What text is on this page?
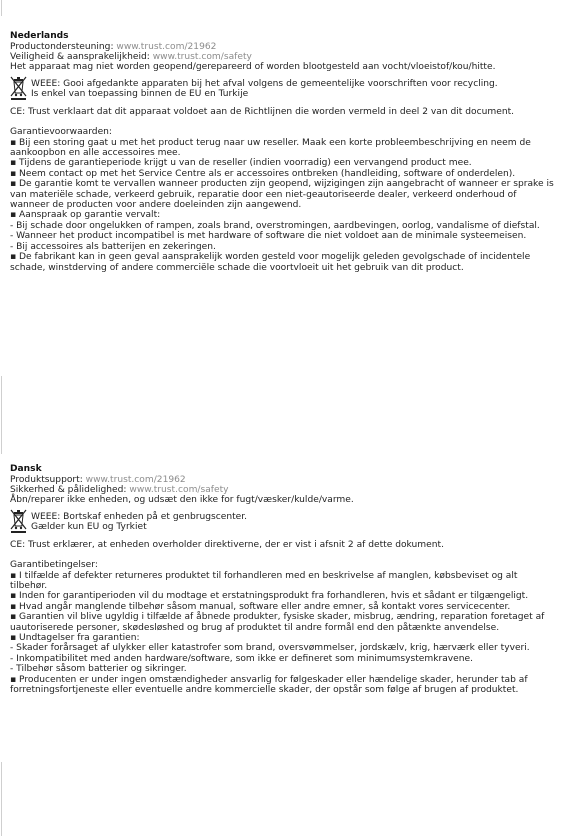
Nederlands
Productondersteuning: www.trust.com/21962
Veiligheid & aansprakelijkheid: www.trust.com/safety
Het apparaat mag niet worden geopend/gerepareerd of worden blootgesteld aan vocht/vloeistof/kou/hitte.
WEEE: Gooi afgedankte apparaten bij het afval volgens de gemeentelijke voorschriften voor recycling.
Is enkel van toepassing binnen de EU en Turkije
CE: Trust verklaart dat dit apparaat voldoet aan de Richtlijnen die worden vermeld in deel 2 van dit document.
Garantievoorwaarden:
▪ Bij een storing gaat u met het product terug naar uw reseller. Maak een korte probleembeschrijving en neem de aankoopbon en alle accessoires mee.
▪ Tijdens de garantieperiode krijgt u van de reseller (indien voorradig) een vervangend product mee.
▪ Neem contact op met het Service Centre als er accessoires ontbreken (handleiding, software of onderdelen).
▪ De garantie komt te vervallen wanneer producten zijn geopend, wijzigingen zijn aangebracht of wanneer er sprake is van materiële schade, verkeerd gebruik, reparatie door een niet-geautoriseerde dealer, verkeerd onderhoud of wanneer de producten voor andere doeleinden zijn aangewend.
▪ Aanspraak op garantie vervalt:
- Bij schade door ongelukken of rampen, zoals brand, overstromingen, aardbevingen, oorlog, vandalisme of diefstal.
- Wanneer het product incompatibel is met hardware of software die niet voldoet aan de minimale systeemeisen.
- Bij accessoires als batterijen en zekeringen.
▪ De fabrikant kan in geen geval aansprakelijk worden gesteld voor mogelijk geleden gevolgschade of incidentele schade, winstderving of andere commerciële schade die voortvloeit uit het gebruik van dit product.
Dansk
Produktsupport: www.trust.com/21962
Sikkerhed & pålidelighed: www.trust.com/safety
Åbn/reparer ikke enheden, og udsæt den ikke for fugt/væsker/kulde/varme.
WEEE: Bortskaf enheden på et genbrugscenter.
Gælder kun EU og Tyrkiet
CE: Trust erklærer, at enheden overholder direktiverne, der er vist i afsnit 2 af dette dokument.
Garantibetingelser:
▪ I tilfælde af defekter returneres produktet til forhandleren med en beskrivelse af manglen, købsbeviset og alt tilbehør.
▪ Inden for garantiperioden vil du modtage et erstatningsprodukt fra forhandleren, hvis et sådant er tilgængeligt.
▪ Hvad angår manglende tilbehør såsom manual, software eller andre emner, så kontakt vores servicecenter.
▪ Garantien vil blive ugyldig i tilfælde af åbnede produkter, fysiske skader, misbrug, ændring, reparation foretaget af uautoriserede personer, skødesløshed og brug af produktet til andre formål end den påtænkte anvendelse.
▪ Undtagelser fra garantien:
- Skader forårsaget af ulykker eller katastrofer som brand, oversvømmelser, jordskælv, krig, hærværk eller tyveri.
- Inkompatibilitet med anden hardware/software, som ikke er defineret som minimumsystemkravene.
- Tilbehør såsom batterier og sikringer.
▪ Producenten er under ingen omstændigheder ansvarlig for følgeskader eller hændelige skader, herunder tab af forretningsfortjeneste eller eventuelle andre kommercielle skader, der opstår som følge af brugen af produktet.
